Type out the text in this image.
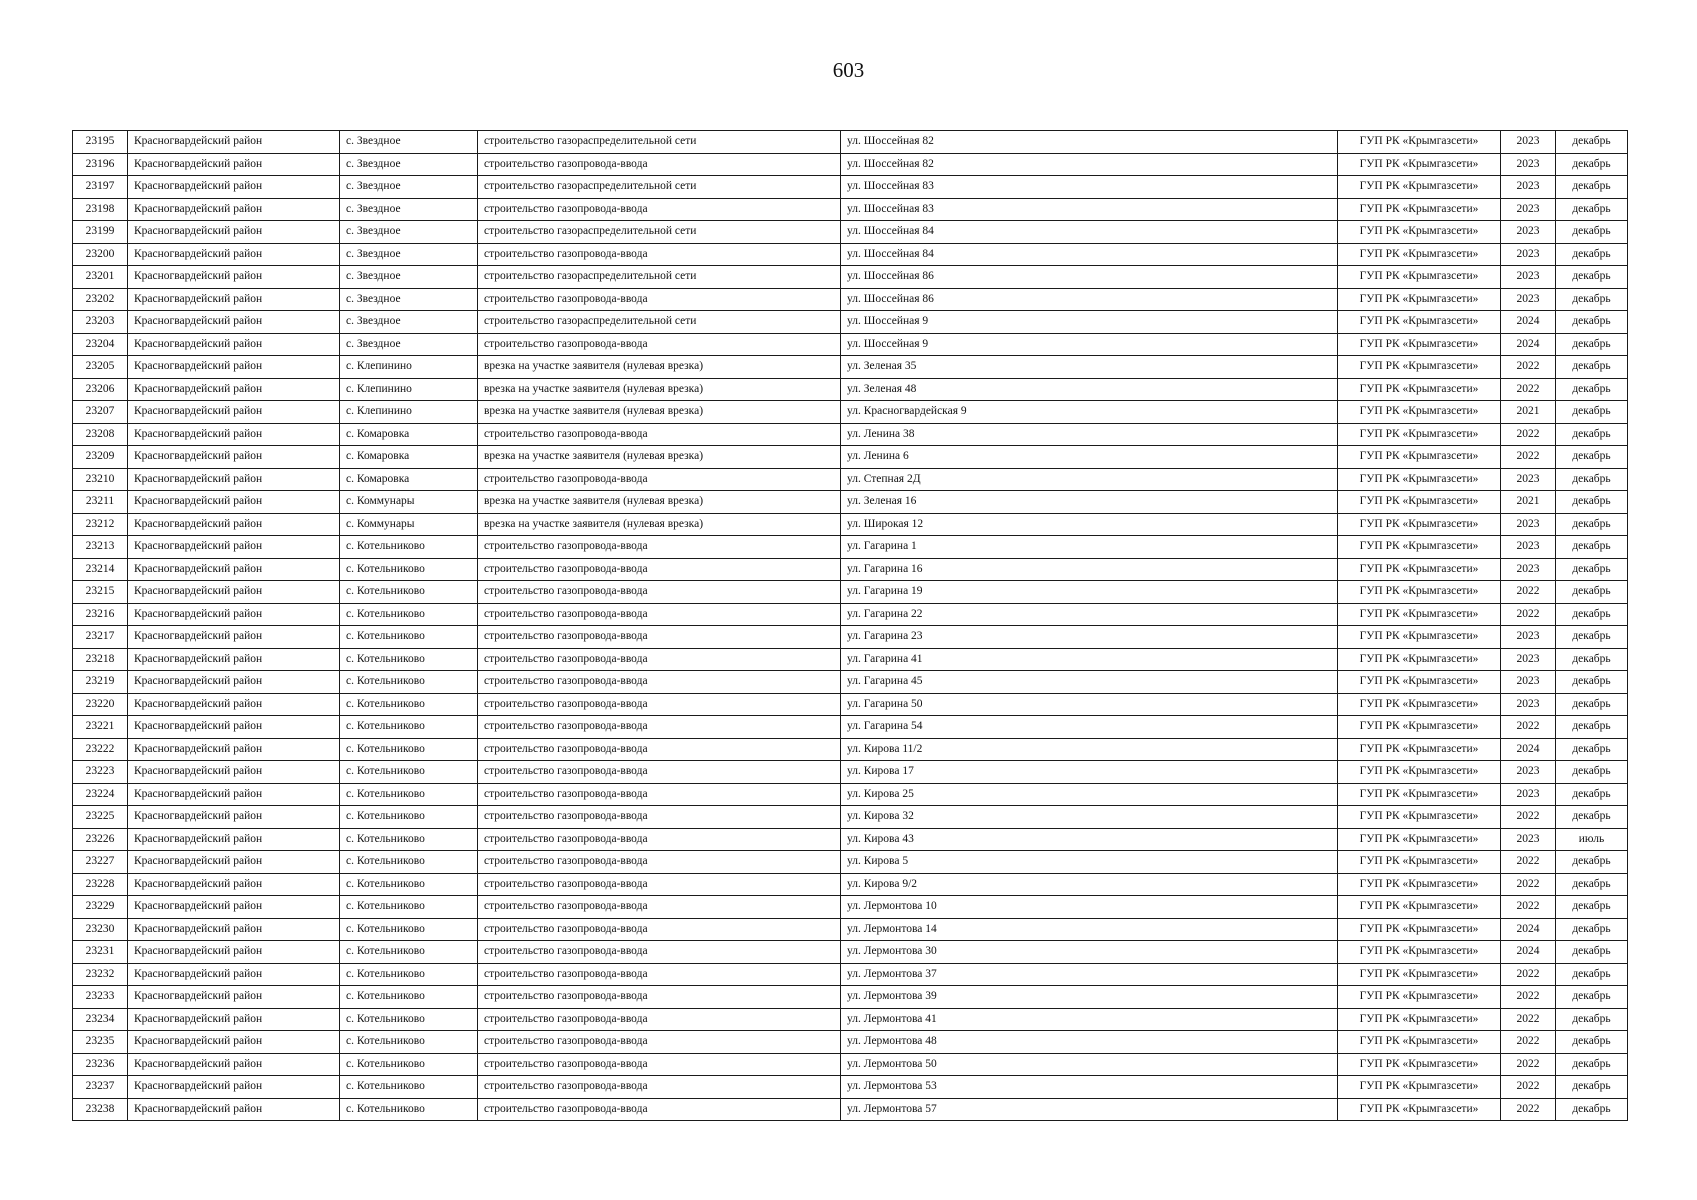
603
23195	Красногвардейский район	с. Звездное	строительство газораспределительной сети	ул. Шоссейная 82	ГУП РК «Крымгазсети»	2023	декабрь
23196	Красногвардейский район	с. Звездное	строительство газопровода-ввода	ул. Шоссейная 82	ГУП РК «Крымгазсети»	2023	декабрь
23197	Красногвардейский район	с. Звездное	строительство газораспределительной сети	ул. Шоссейная 83	ГУП РК «Крымгазсети»	2023	декабрь
23198	Красногвардейский район	с. Звездное	строительство газопровода-ввода	ул. Шоссейная 83	ГУП РК «Крымгазсети»	2023	декабрь
23199	Красногвардейский район	с. Звездное	строительство газораспределительной сети	ул. Шоссейная 84	ГУП РК «Крымгазсети»	2023	декабрь
23200	Красногвардейский район	с. Звездное	строительство газопровода-ввода	ул. Шоссейная 84	ГУП РК «Крымгазсети»	2023	декабрь
23201	Красногвардейский район	с. Звездное	строительство газораспределительной сети	ул. Шоссейная 86	ГУП РК «Крымгазсети»	2023	декабрь
23202	Красногвардейский район	с. Звездное	строительство газопровода-ввода	ул. Шоссейная 86	ГУП РК «Крымгазсети»	2023	декабрь
23203	Красногвардейский район	с. Звездное	строительство газораспределительной сети	ул. Шоссейная 9	ГУП РК «Крымгазсети»	2024	декабрь
23204	Красногвардейский район	с. Звездное	строительство газопровода-ввода	ул. Шоссейная 9	ГУП РК «Крымгазсети»	2024	декабрь
23205	Красногвардейский район	с. Клепинино	врезка на участке заявителя (нулевая врезка)	ул. Зеленая 35	ГУП РК «Крымгазсети»	2022	декабрь
23206	Красногвардейский район	с. Клепинино	врезка на участке заявителя (нулевая врезка)	ул. Зеленая 48	ГУП РК «Крымгазсети»	2022	декабрь
23207	Красногвардейский район	с. Клепинино	врезка на участке заявителя (нулевая врезка)	ул. Красногвардейская 9	ГУП РК «Крымгазсети»	2021	декабрь
23208	Красногвардейский район	с. Комаровка	строительство газопровода-ввода	ул. Ленина 38	ГУП РК «Крымгазсети»	2022	декабрь
23209	Красногвардейский район	с. Комаровка	врезка на участке заявителя (нулевая врезка)	ул. Ленина 6	ГУП РК «Крымгазсети»	2022	декабрь
23210	Красногвардейский район	с. Комаровка	строительство газопровода-ввода	ул. Степная 2Д	ГУП РК «Крымгазсети»	2023	декабрь
23211	Красногвардейский район	с. Коммунары	врезка на участке заявителя (нулевая врезка)	ул. Зеленая 16	ГУП РК «Крымгазсети»	2021	декабрь
23212	Красногвардейский район	с. Коммунары	врезка на участке заявителя (нулевая врезка)	ул. Широкая 12	ГУП РК «Крымгазсети»	2023	декабрь
23213	Красногвардейский район	с. Котельниково	строительство газопровода-ввода	ул. Гагарина 1	ГУП РК «Крымгазсети»	2023	декабрь
23214	Красногвардейский район	с. Котельниково	строительство газопровода-ввода	ул. Гагарина 16	ГУП РК «Крымгазсети»	2023	декабрь
23215	Красногвардейский район	с. Котельниково	строительство газопровода-ввода	ул. Гагарина 19	ГУП РК «Крымгазсети»	2022	декабрь
23216	Красногвардейский район	с. Котельниково	строительство газопровода-ввода	ул. Гагарина 22	ГУП РК «Крымгазсети»	2022	декабрь
23217	Красногвардейский район	с. Котельниково	строительство газопровода-ввода	ул. Гагарина 23	ГУП РК «Крымгазсети»	2023	декабрь
23218	Красногвардейский район	с. Котельниково	строительство газопровода-ввода	ул. Гагарина 41	ГУП РК «Крымгазсети»	2023	декабрь
23219	Красногвардейский район	с. Котельниково	строительство газопровода-ввода	ул. Гагарина 45	ГУП РК «Крымгазсети»	2023	декабрь
23220	Красногвардейский район	с. Котельниково	строительство газопровода-ввода	ул. Гагарина 50	ГУП РК «Крымгазсети»	2023	декабрь
23221	Красногвардейский район	с. Котельниково	строительство газопровода-ввода	ул. Гагарина 54	ГУП РК «Крымгазсети»	2022	декабрь
23222	Красногвардейский район	с. Котельниково	строительство газопровода-ввода	ул. Кирова 11/2	ГУП РК «Крымгазсети»	2024	декабрь
23223	Красногвардейский район	с. Котельниково	строительство газопровода-ввода	ул. Кирова 17	ГУП РК «Крымгазсети»	2023	декабрь
23224	Красногвардейский район	с. Котельниково	строительство газопровода-ввода	ул. Кирова 25	ГУП РК «Крымгазсети»	2023	декабрь
23225	Красногвардейский район	с. Котельниково	строительство газопровода-ввода	ул. Кирова 32	ГУП РК «Крымгазсети»	2022	декабрь
23226	Красногвардейский район	с. Котельниково	строительство газопровода-ввода	ул. Кирова 43	ГУП РК «Крымгазсети»	2023	июль
23227	Красногвардейский район	с. Котельниково	строительство газопровода-ввода	ул. Кирова 5	ГУП РК «Крымгазсети»	2022	декабрь
23228	Красногвардейский район	с. Котельниково	строительство газопровода-ввода	ул. Кирова 9/2	ГУП РК «Крымгазсети»	2022	декабрь
23229	Красногвардейский район	с. Котельниково	строительство газопровода-ввода	ул. Лермонтова 10	ГУП РК «Крымгазсети»	2022	декабрь
23230	Красногвардейский район	с. Котельниково	строительство газопровода-ввода	ул. Лермонтова 14	ГУП РК «Крымгазсети»	2024	декабрь
23231	Красногвардейский район	с. Котельниково	строительство газопровода-ввода	ул. Лермонтова 30	ГУП РК «Крымгазсети»	2024	декабрь
23232	Красногвардейский район	с. Котельниково	строительство газопровода-ввода	ул. Лермонтова 37	ГУП РК «Крымгазсети»	2022	декабрь
23233	Красногвардейский район	с. Котельниково	строительство газопровода-ввода	ул. Лермонтова 39	ГУП РК «Крымгазсети»	2022	декабрь
23234	Красногвардейский район	с. Котельниково	строительство газопровода-ввода	ул. Лермонтова 41	ГУП РК «Крымгазсети»	2022	декабрь
23235	Красногвардейский район	с. Котельниково	строительство газопровода-ввода	ул. Лермонтова 48	ГУП РК «Крымгазсети»	2022	декабрь
23236	Красногвардейский район	с. Котельниково	строительство газопровода-ввода	ул. Лермонтова 50	ГУП РК «Крымгазсети»	2022	декабрь
23237	Красногвардейский район	с. Котельниково	строительство газопровода-ввода	ул. Лермонтова 53	ГУП РК «Крымгазсети»	2022	декабрь
23238	Красногвардейский район	с. Котельниково	строительство газопровода-ввода	ул. Лермонтова 57	ГУП РК «Крымгазсети»	2022	декабрь
